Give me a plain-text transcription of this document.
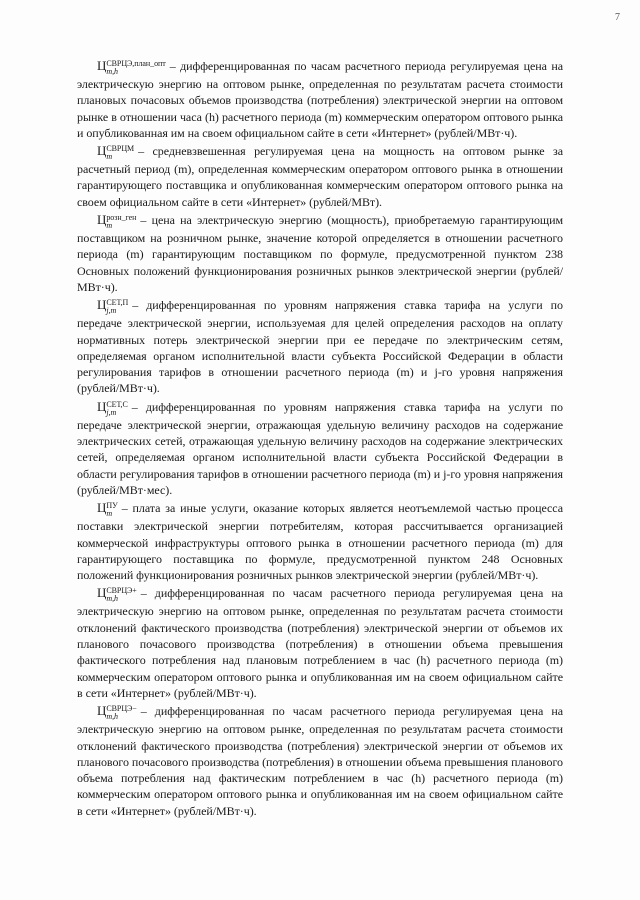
7

Ц СВРЦЭ,план_опт
m,h	– дифференцированная по часам расчетного периода регулируемая цена на электрическую энергию на оптовом рынке, определенная по результатам расчета стоимости плановых почасовых объемов производства (потребления) электрической энергии на оптовом рынке в отношении часа (h) расчетного периода (m) коммерческим оператором оптового рынка и опубликованная им на своем официальном сайте в сети «Интернет» (рублей/МВт·ч).

Ц СВРЦМ
m	– средневзвешенная регулируемая цена на мощность на оптовом рынке за расчетный период (m), определенная коммерческим оператором оптового рынка в отношении гарантирующего поставщика и опубликованная коммерческим оператором оптового рынка на своем официальном сайте в сети «Интернет» (рублей/МВт).

Ц розн_ген
m	– цена на электрическую энергию (мощность), приобретаемую гарантирующим поставщиком на розничном рынке, значение которой определяется в отношении расчетного периода (m) гарантирующим поставщиком по формуле, предусмотренной пунктом 238 Основных положений функционирования розничных рынков электрической энергии (рублей/МВт·ч).

Ц СЕТ,П
j,m	– дифференцированная по уровням напряжения ставка тарифа на услуги по передаче электрической энергии, используемая для целей определения расходов на оплату нормативных потерь электрической энергии при ее передаче по электрическим сетям, определяемая органом исполнительной власти субъекта Российской Федерации в области регулирования тарифов в отношении расчетного периода (m) и j-го уровня напряжения (рублей/МВт·ч).

Ц СЕТ,С
j,m	– дифференцированная по уровням напряжения ставка тарифа на услуги по передаче электрической энергии, отражающая удельную величину расходов на содержание электрических сетей, отражающая удельную величину расходов на содержание электрических сетей, определяемая органом исполнительной власти субъекта Российской Федерации в области регулирования тарифов в отношении расчетного периода (m) и j-го уровня напряжения (рублей/МВт·мес).

Ц ПУ
m – плата за иные услуги, оказание которых является неотъемлемой частью процесса поставки электрической энергии потребителям, которая рассчитывается организацией коммерческой инфраструктуры оптового рынка в отношении расчетного периода (m) для гарантирующего поставщика по формуле, предусмотренной пунктом 248 Основных положений функционирования розничных рынков электрической энергии (рублей/МВт·ч).

Ц СВРЦЭ+
m,h	– дифференцированная по часам расчетного периода регулируемая цена на электрическую энергию на оптовом рынке, определенная по результатам расчета стоимости отклонений фактического производства (потребления) электрической энергии от объемов их планового почасового производства (потребления) в отношении объема превышения фактического потребления над плановым потреблением в час (h) расчетного периода (m) коммерческим оператором оптового рынка и опубликованная им на своем официальном сайте в сети «Интернет» (рублей/МВт·ч).

Ц СВРЦЭ−
m,h	– дифференцированная по часам расчетного периода регулируемая цена на электрическую энергию на оптовом рынке, определенная по результатам расчета стоимости отклонений фактического производства (потребления) электрической энергии от объемов их планового почасового производства (потребления) в отношении объема превышения планового объема потребления над фактическим потреблением в час (h) расчетного периода (m) коммерческим оператором оптового рынка и опубликованная им на своем официальном сайте в сети «Интернет» (рублей/МВт·ч).
